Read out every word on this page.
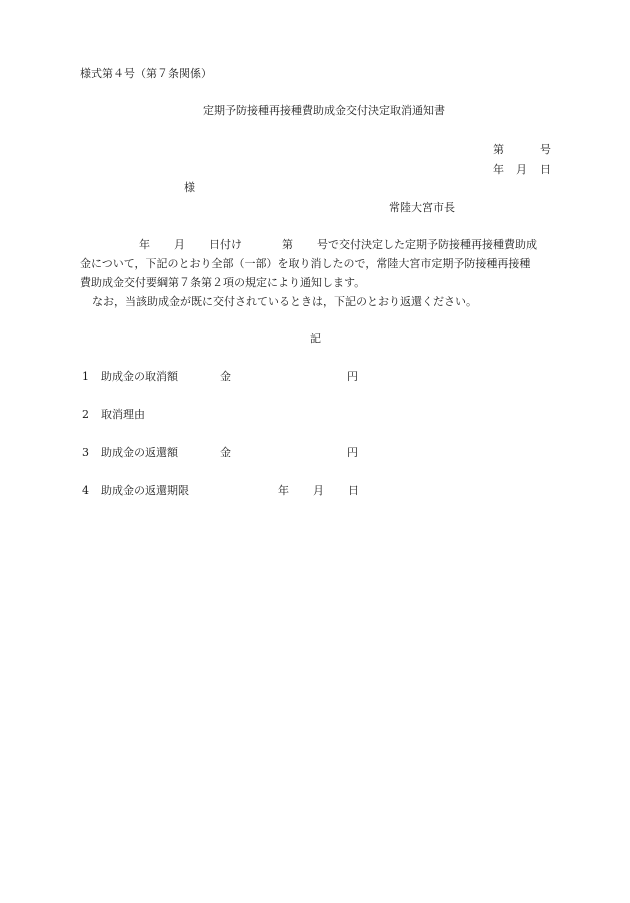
様式第４号（第７条関係）
定期予防接種再接種費助成金交付決定取消通知書
第	号
年 月 日
様
常陸大宮市長
年 月 日付け	第 号で交付決定した定期予防接種再接種費助成
金について，下記のとおり全部（一部）を取り消したので，常陸大宮市定期予防接種再接種
費助成金交付要綱第７条第２項の規定により通知します。
なお，当該助成金が既に交付されているときは，下記のとおり返還ください。
記
1 助成金の取消額	金	円
2 取消理由
3 助成金の返還額	金	円
4 助成金の返還期限	年 月 日
